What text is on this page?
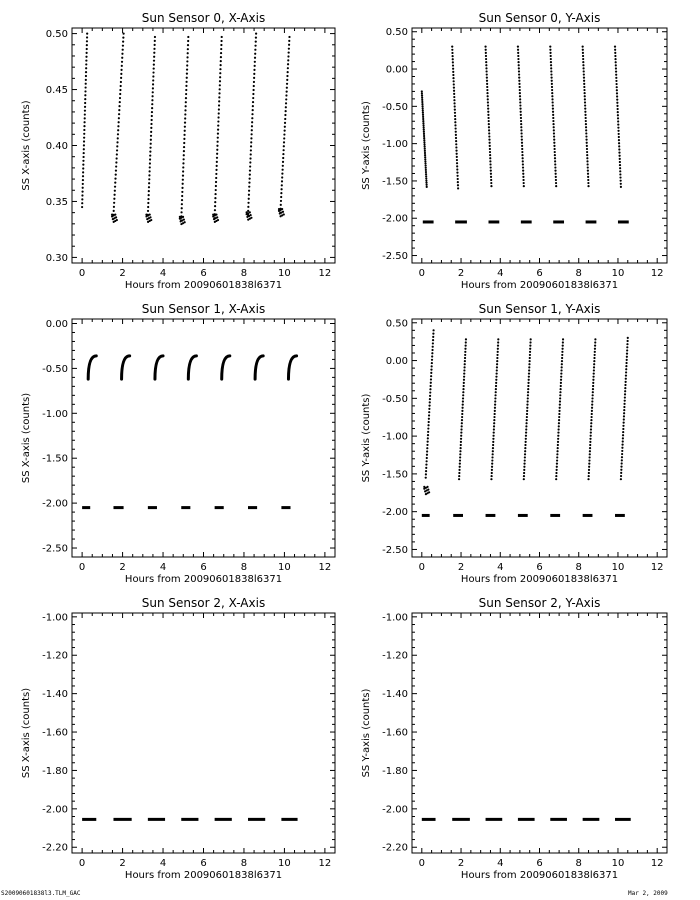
Sun Sensor 0, X-Axis
0	2	4	6	8	10	12
0.30
0.35
0.40
0.45
0.50
Hours from 20090601838l6371
SS X-axis (counts)
Sun Sensor 0, Y-Axis
0	2	4	6	8	10	12
-2.50
-2.00
-1.50
-1.00
-0.50
0.00
0.50
Hours from 20090601838l6371
SS Y-axis (counts)
Sun Sensor 1, X-Axis
0	2	4	6	8	10	12
-2.50
-2.00
-1.50
-1.00
-0.50
0.00
Hours from 20090601838l6371
SS X-axis (counts)
Sun Sensor 1, Y-Axis
0	2	4	6	8	10	12
-2.50
-2.00
-1.50
-1.00
-0.50
0.00
0.50
Hours from 20090601838l6371
SS Y-axis (counts)
Sun Sensor 2, X-Axis
0	2	4	6	8	10	12
-2.20
-2.00
-1.80
-1.60
-1.40
-1.20
-1.00
Hours from 20090601838l6371
SS X-axis (counts)
Sun Sensor 2, Y-Axis
0	2	4	6	8	10	12
-2.20
-2.00
-1.80
-1.60
-1.40
-1.20
-1.00
Hours from 20090601838l6371
SS Y-axis (counts)
S20090601838l3.TLM_GAC	Mar 2, 2009
